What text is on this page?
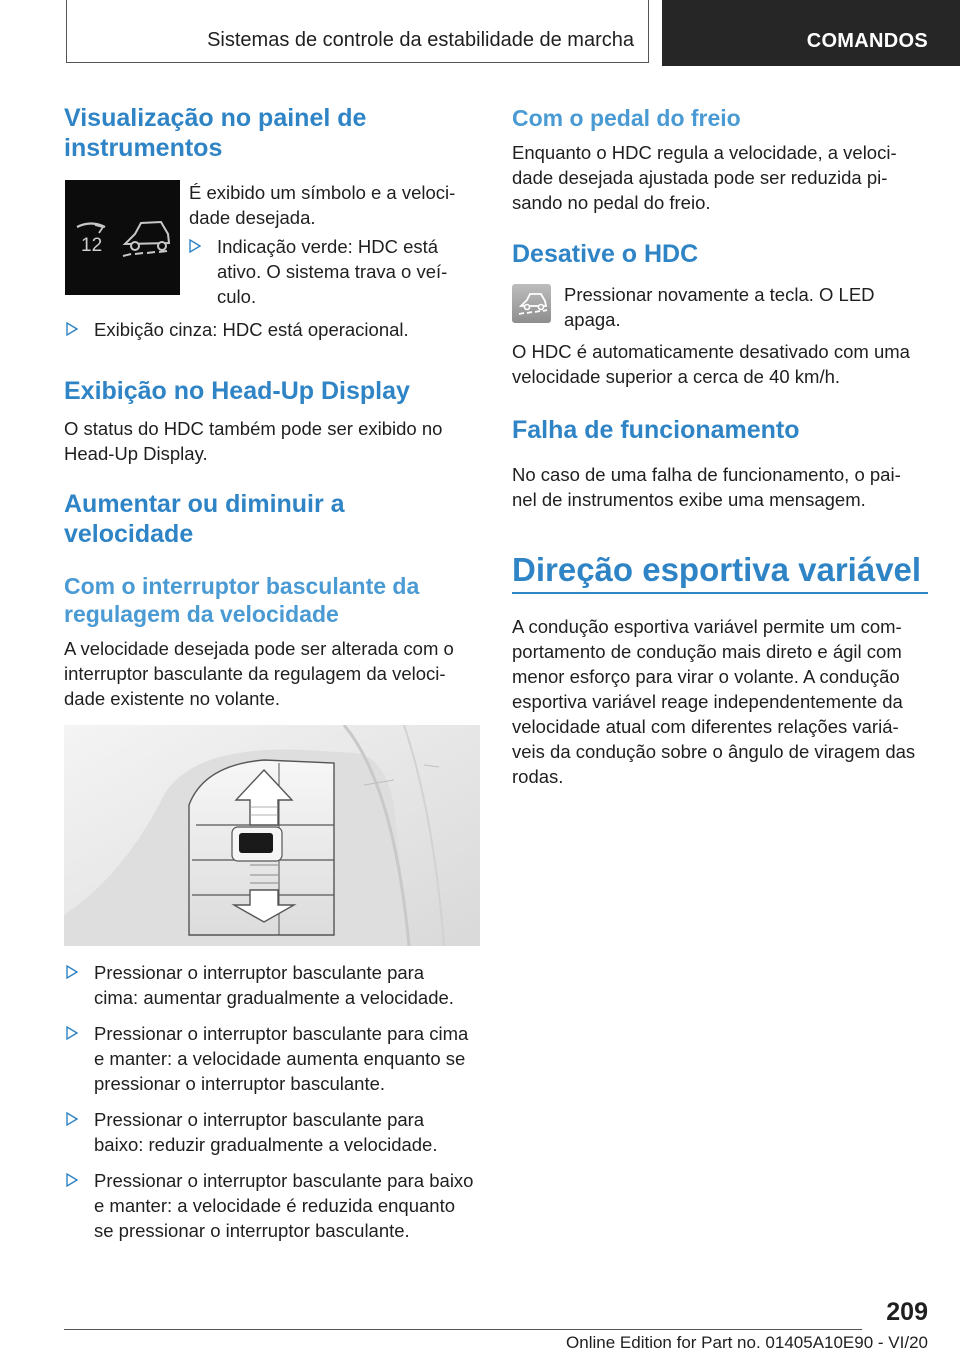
Sistemas de controle da estabilidade de marcha	COMANDOS
Visualização no painel de
instrumentos
12
É exibido um símbolo e a veloci-
dade desejada.
Indicação verde: HDC está
ativo. O sistema trava o veí-
culo.
Exibição cinza: HDC está operacional.
Exibição no Head-Up Display
O status do HDC também pode ser exibido no
Head-Up Display.
Aumentar ou diminuir a
velocidade
Com o interruptor basculante da
regulagem da velocidade
A velocidade desejada pode ser alterada com o
interruptor basculante da regulagem da veloci-
dade existente no volante.
Pressionar o interruptor basculante para
cima: aumentar gradualmente a velocidade.
Pressionar o interruptor basculante para cima
e manter: a velocidade aumenta enquanto se
pressionar o interruptor basculante.
Pressionar o interruptor basculante para
baixo: reduzir gradualmente a velocidade.
Pressionar o interruptor basculante para baixo
e manter: a velocidade é reduzida enquanto
se pressionar o interruptor basculante.
Com o pedal do freio
Enquanto o HDC regula a velocidade, a veloci-
dade desejada ajustada pode ser reduzida pi-
sando no pedal do freio.
Desative o HDC
Pressionar novamente a tecla. O LED
apaga.
O HDC é automaticamente desativado com uma
velocidade superior a cerca de 40 km/h.
Falha de funcionamento
No caso de uma falha de funcionamento, o pai-
nel de instrumentos exibe uma mensagem.
Direção esportiva variável
A condução esportiva variável permite um com-
portamento de condução mais direto e ágil com
menor esforço para virar o volante. A condução
esportiva variável reage independentemente da
velocidade atual com diferentes relações variá-
veis da condução sobre o ângulo de viragem das
rodas.
209
Online Edition for Part no. 01405A10E90 - VI/20
